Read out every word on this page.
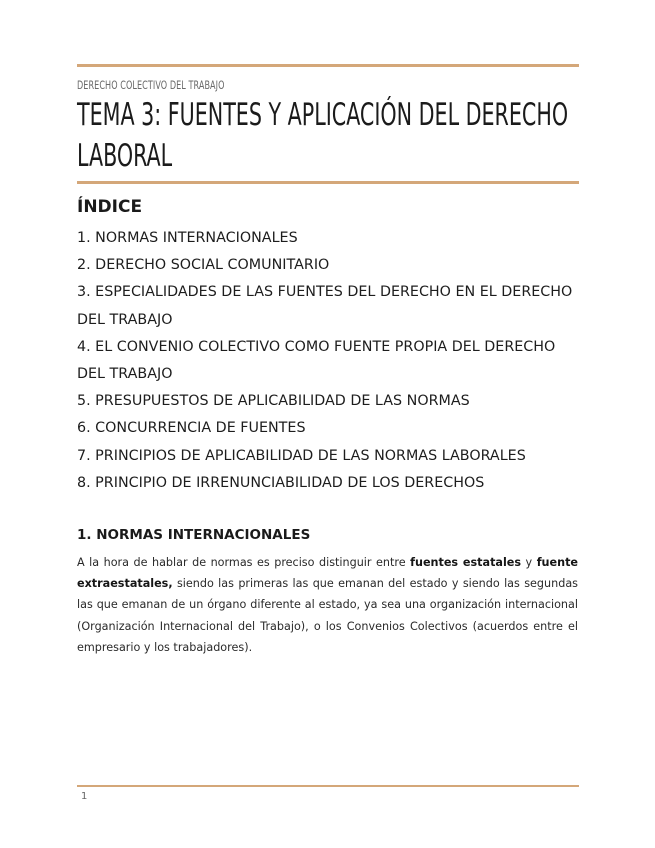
DERECHO COLECTIVO DEL TRABAJO
TEMA 3: FUENTES Y APLICACIÓN DEL DERECHO LABORAL
ÍNDICE
1. NORMAS INTERNACIONALES
2. DERECHO SOCIAL COMUNITARIO
3. ESPECIALIDADES DE LAS FUENTES DEL DERECHO EN EL DERECHO DEL TRABAJO
4. EL CONVENIO COLECTIVO COMO FUENTE PROPIA DEL DERECHO DEL TRABAJO
5. PRESUPUESTOS DE APLICABILIDAD DE LAS NORMAS
6. CONCURRENCIA DE FUENTES
7. PRINCIPIOS DE APLICABILIDAD DE LAS NORMAS LABORALES
8. PRINCIPIO DE IRRENUNCIABILIDAD DE LOS DERECHOS
1. NORMAS INTERNACIONALES

A la hora de hablar de normas es preciso distinguir entre fuentes estatales y fuente extraestatales, siendo las primeras las que emanan del estado y siendo las segundas las que emanan de un órgano diferente al estado, ya sea una organización internacional (Organización Internacional del Trabajo), o los Convenios Colectivos (acuerdos entre el empresario y los trabajadores).

1
